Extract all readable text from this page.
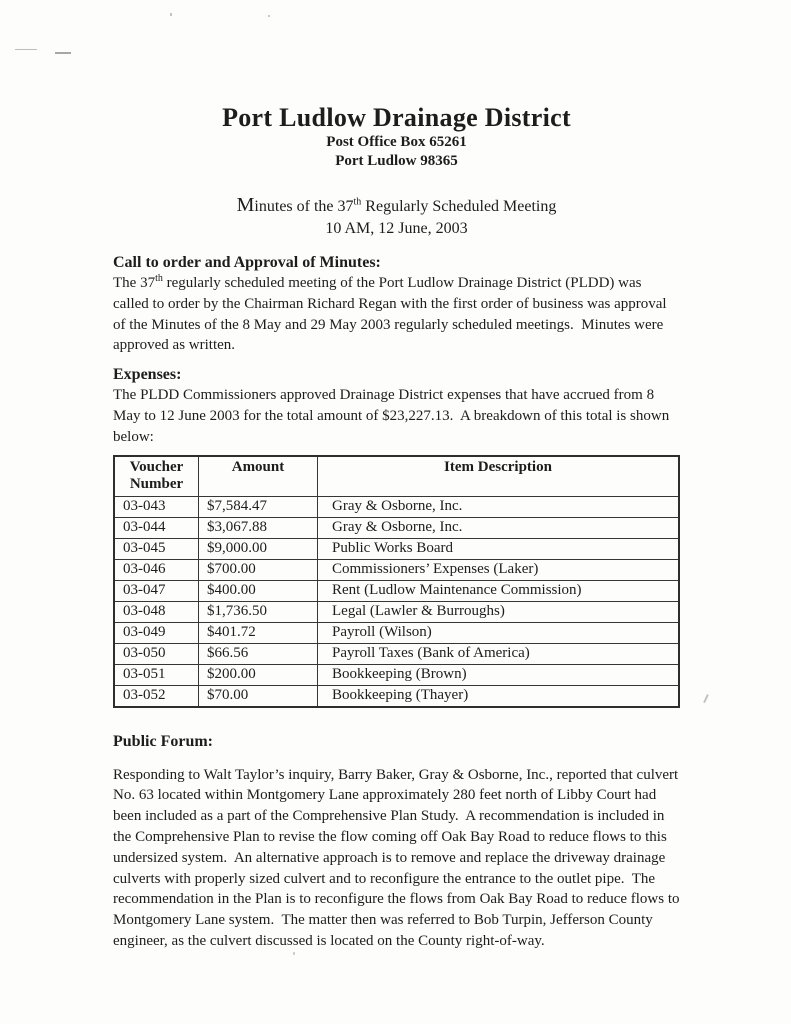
Port Ludlow Drainage District
Post Office Box 65261
Port Ludlow 98365
Minutes of the 37th Regularly Scheduled Meeting
10 AM, 12 June, 2003
Call to order and Approval of Minutes:

The 37th regularly scheduled meeting of the Port Ludlow Drainage District (PLDD) was called to order by the Chairman Richard Regan with the first order of business was approval of the Minutes of the 8 May and 29 May 2003 regularly scheduled meetings.  Minutes were approved as written.

Expenses:

The PLDD Commissioners approved Drainage District expenses that have accrued from 8 May to 12 June 2003 for the total amount of $23,227.13.  A breakdown of this total is shown below:

Voucher Number	Amount	Item Description
03-043	$7,584.47	Gray & Osborne, Inc.
03-044	$3,067.88	Gray & Osborne, Inc.
03-045	$9,000.00	Public Works Board
03-046	$700.00	Commissioners’ Expenses (Laker)
03-047	$400.00	Rent (Ludlow Maintenance Commission)
03-048	$1,736.50	Legal (Lawler & Burroughs)
03-049	$401.72	Payroll (Wilson)
03-050	$66.56	Payroll Taxes (Bank of America)
03-051	$200.00	Bookkeeping (Brown)
03-052	$70.00	Bookkeeping (Thayer)
Public Forum:

Responding to Walt Taylor’s inquiry, Barry Baker, Gray & Osborne, Inc., reported that culvert No. 63 located within Montgomery Lane approximately 280 feet north of Libby Court had been included as a part of the Comprehensive Plan Study.  A recommendation is included in the Comprehensive Plan to revise the flow coming off Oak Bay Road to reduce flows to this undersized system.  An alternative approach is to remove and replace the driveway drainage culverts with properly sized culvert and to reconfigure the entrance to the outlet pipe.  The recommendation in the Plan is to reconfigure the flows from Oak Bay Road to reduce flows to Montgomery Lane system.  The matter then was referred to Bob Turpin, Jefferson County engineer, as the culvert discussed is located on the County right-of-way.
